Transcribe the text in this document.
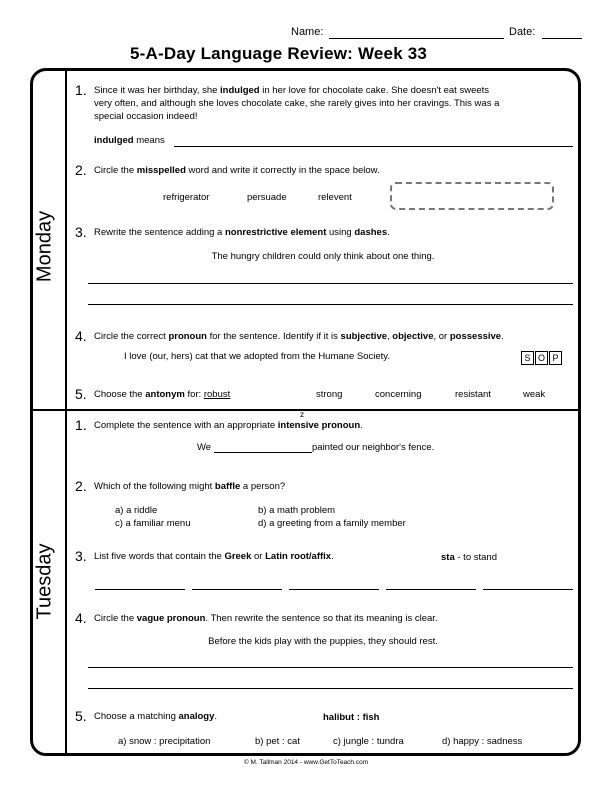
Name:	Date:
5-A-Day Language Review: Week 33
Monday
Tuesday
1. Since it was her birthday, she indulged in her love for chocolate cake. She doesn't eat sweets
very often, and although she loves chocolate cake, she rarely gives into her cravings. This was a
special occasion indeed!
indulged means
2. Circle the misspelled word and write it correctly in the space below.
refrigerator	persuade	relevent
3. Rewrite the sentence adding a nonrestrictive element using dashes.
The hungry children could only think about one thing.
4. Circle the correct pronoun for the sentence. Identify if it is subjective, objective, or possessive.
I love (our, hers) cat that we adopted from the Humane Society.	S O P
5. Choose the antonym for: robust	strong	concerning	resistant	weak
1.
z
Complete the sentence with an appropriate intensive pronoun.
We	painted our neighbor's fence.
2. Which of the following might baffle a person?
a) a riddle	b) a math problem
c) a familiar menu	d) a greeting from a family member
3. List five words that contain the Greek or Latin root/affix.	sta - to stand
4. Circle the vague pronoun. Then rewrite the sentence so that its meaning is clear.
Before the kids play with the puppies, they should rest.
5. Choose a matching analogy.	halibut : fish
a) snow : precipitation	b) pet : cat	c) jungle : tundra	d) happy : sadness
© M. Tallman 2014 - www.GetToTeach.com
